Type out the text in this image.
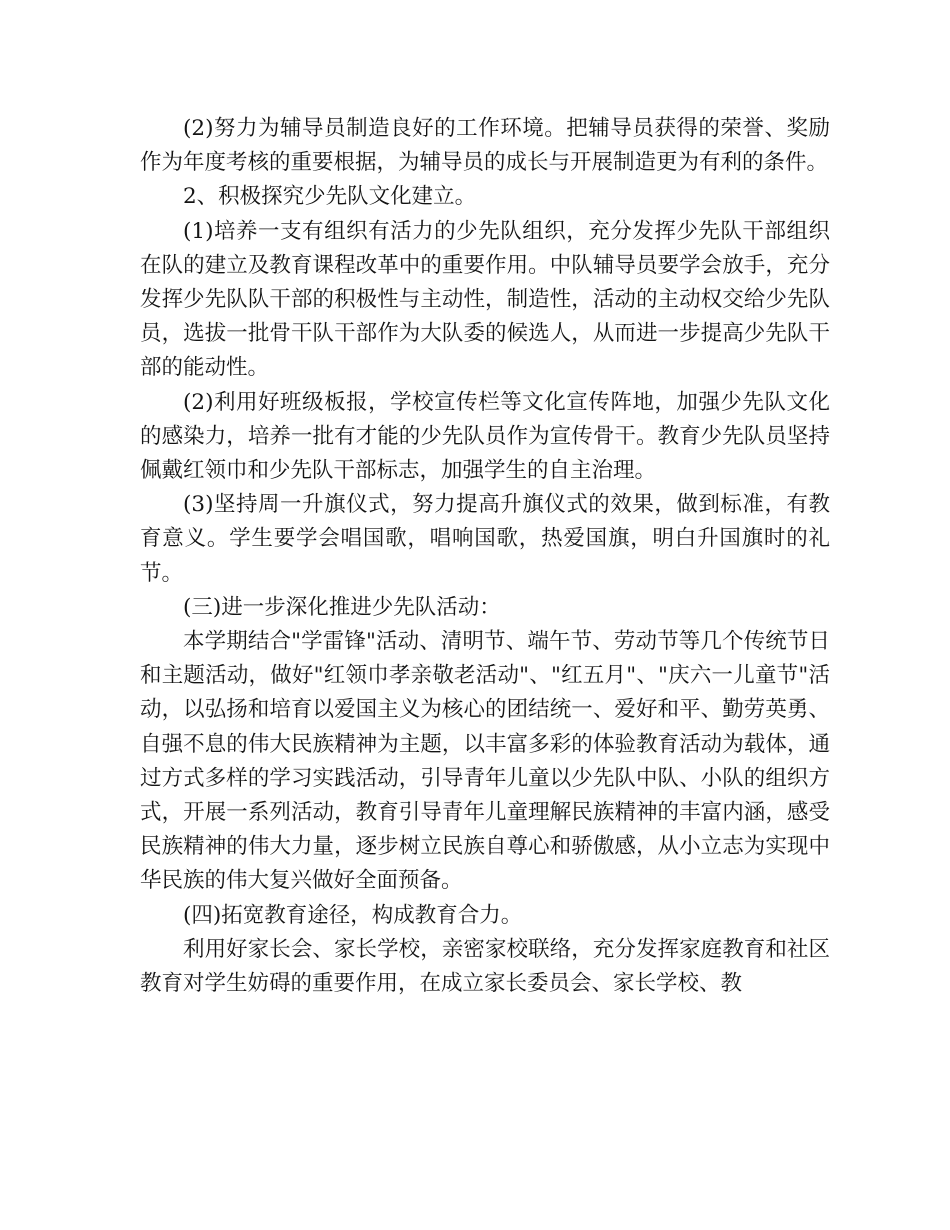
(2)努力为辅导员制造良好的工作环境。把辅导员获得的荣誉、奖励作为年度考核的重要根据，为辅导员的成长与开展制造更为有利的条件。

2、积极探究少先队文化建立。

(1)培养一支有组织有活力的少先队组织，充分发挥少先队干部组织在队的建立及教育课程改革中的重要作用。中队辅导员要学会放手，充分发挥少先队队干部的积极性与主动性，制造性，活动的主动权交给少先队员，选拔一批骨干队干部作为大队委的候选人，从而进一步提高少先队干部的能动性。

(2)利用好班级板报，学校宣传栏等文化宣传阵地，加强少先队文化的感染力，培养一批有才能的少先队员作为宣传骨干。教育少先队员坚持佩戴红领巾和少先队干部标志，加强学生的自主治理。

(3)坚持周一升旗仪式，努力提高升旗仪式的效果，做到标准，有教育意义。学生要学会唱国歌，唱响国歌，热爱国旗，明白升国旗时的礼节。

(三)进一步深化推进少先队活动：

本学期结合"学雷锋"活动、清明节、端午节、劳动节等几个传统节日和主题活动，做好"红领巾孝亲敬老活动"、"红五月"、"庆六一儿童节"活动，以弘扬和培育以爱国主义为核心的团结统一、爱好和平、勤劳英勇、自强不息的伟大民族精神为主题，以丰富多彩的体验教育活动为载体，通过方式多样的学习实践活动，引导青年儿童以少先队中队、小队的组织方式，开展一系列活动，教育引导青年儿童理解民族精神的丰富内涵，感受民族精神的伟大力量，逐步树立民族自尊心和骄傲感，从小立志为实现中华民族的伟大复兴做好全面预备。

(四)拓宽教育途径，构成教育合力。

利用好家长会、家长学校，亲密家校联络，充分发挥家庭教育和社区教育对学生妨碍的重要作用，在成立家长委员会、家长学校、教
